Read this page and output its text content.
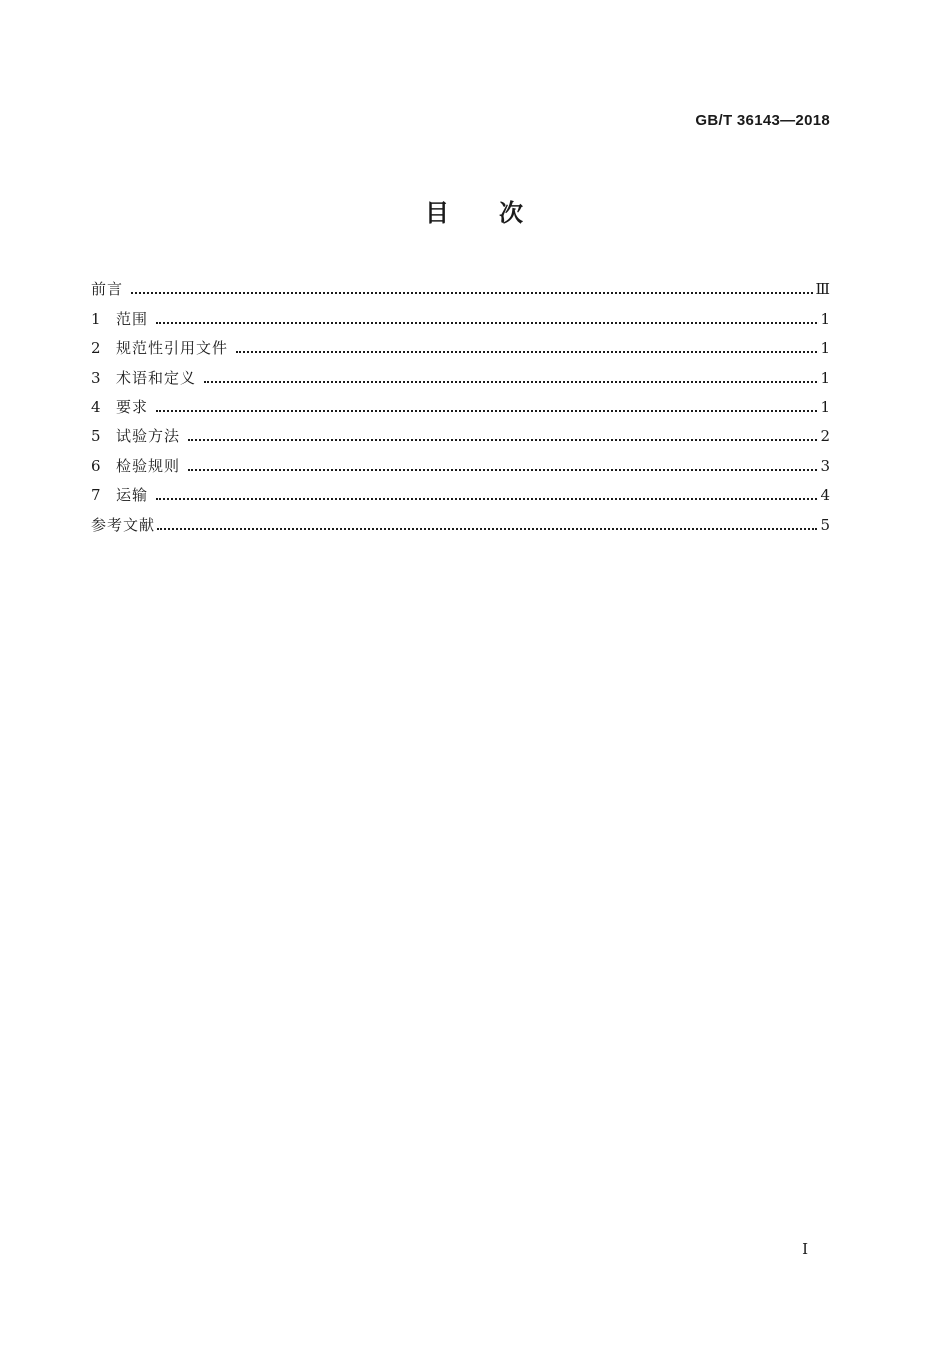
GB/T 36143—2018
目 次
前言	Ⅲ
1	范围	1
2	规范性引用文件	1
3	术语和定义	1
4	要求	1
5	试验方法	2
6	检验规则	3
7	运输	4
参考文献	5
I
